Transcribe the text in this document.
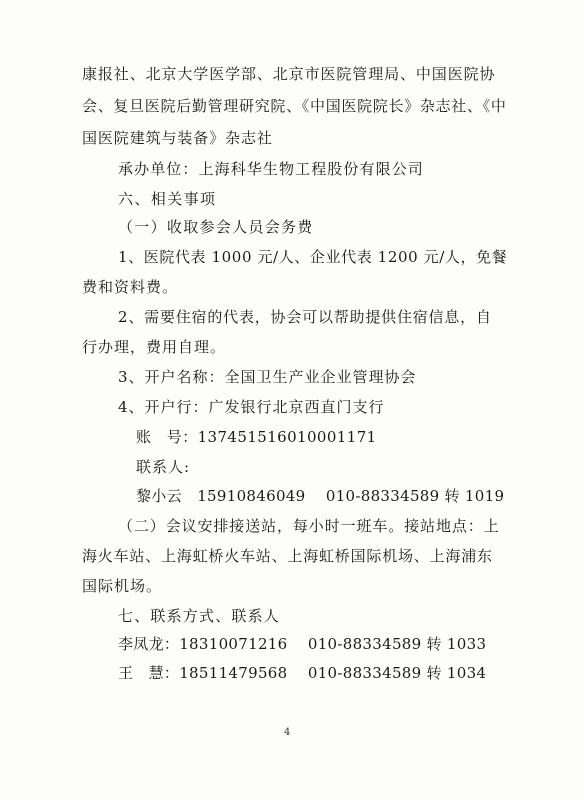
康报社、北京大学医学部、北京市医院管理局、中国医院协
会、复旦医院后勤管理研究院、《中国医院院长》杂志社、《中
国医院建筑与装备》杂志社
承办单位：上海科华生物工程股份有限公司
六、相关事项
（一）收取参会人员会务费
1、医院代表 1000 元/人、企业代表 1200 元/人，免餐
费和资料费。
2、需要住宿的代表，协会可以帮助提供住宿信息，自
行办理，费用自理。
3、开户名称：全国卫生产业企业管理协会
4、开户行：广发银行北京西直门支行
账　号：137451516010001171
联系人:
黎小云　15910846049　 010-88334589 转 1019
（二）会议安排接送站，每小时一班车。接站地点：上
海火车站、上海虹桥火车站、上海虹桥国际机场、上海浦东
国际机场。
七、联系方式、联系人
李凤龙：18310071216　 010-88334589 转 1033
王　慧：18511479568　 010-88334589 转 1034
4
